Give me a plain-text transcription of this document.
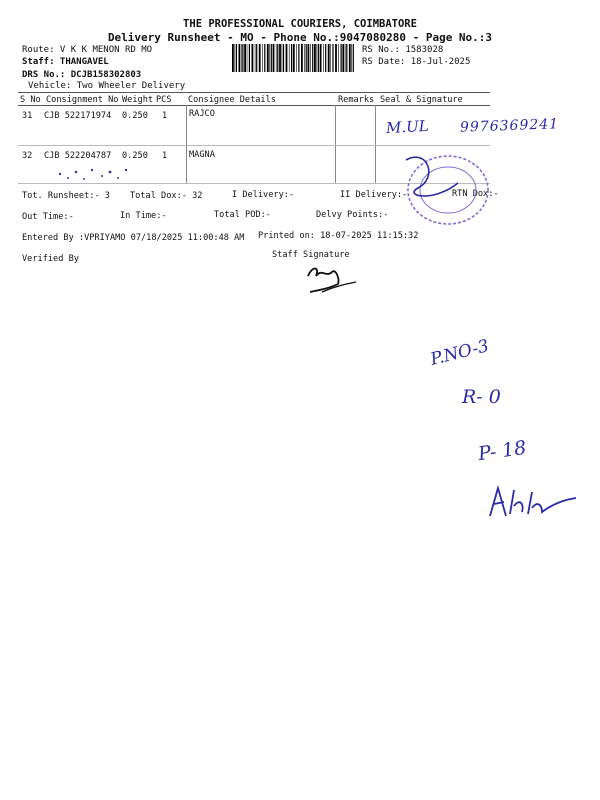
THE PROFESSIONAL COURIERS, COIMBATORE
Delivery Runsheet - MO - Phone No.:9047080280 - Page No.:3
Route: V K K MENON RD MO
Staff: THANGAVEL
DRS No.: DCJB158302803
Vehicle: Two Wheeler Delivery
RS No.: 1583028
RS Date: 18-Jul-2025
S No Consignment No Weight PCS Consignee Details	Remarks Seal & Signature
31 CJB 522171974 0.250 1	RAJCO
32 CJB 522204787 0.250 1	MAGNA
Tot. Runsheet:- 3 Total Dox:- 32	I Delivery:-	II Delivery:-	RTN Dox:-
Out Time:-	In Time:-	Total POD:-	Delvy Points:-
Entered By :VPRIYAMO 07/18/2025 11:00:48 AM Printed on: 18-07-2025 11:15:32
Verified By	Staff Signature
M.UL 9976369241
P.NO-3
R- 0
P- 18
